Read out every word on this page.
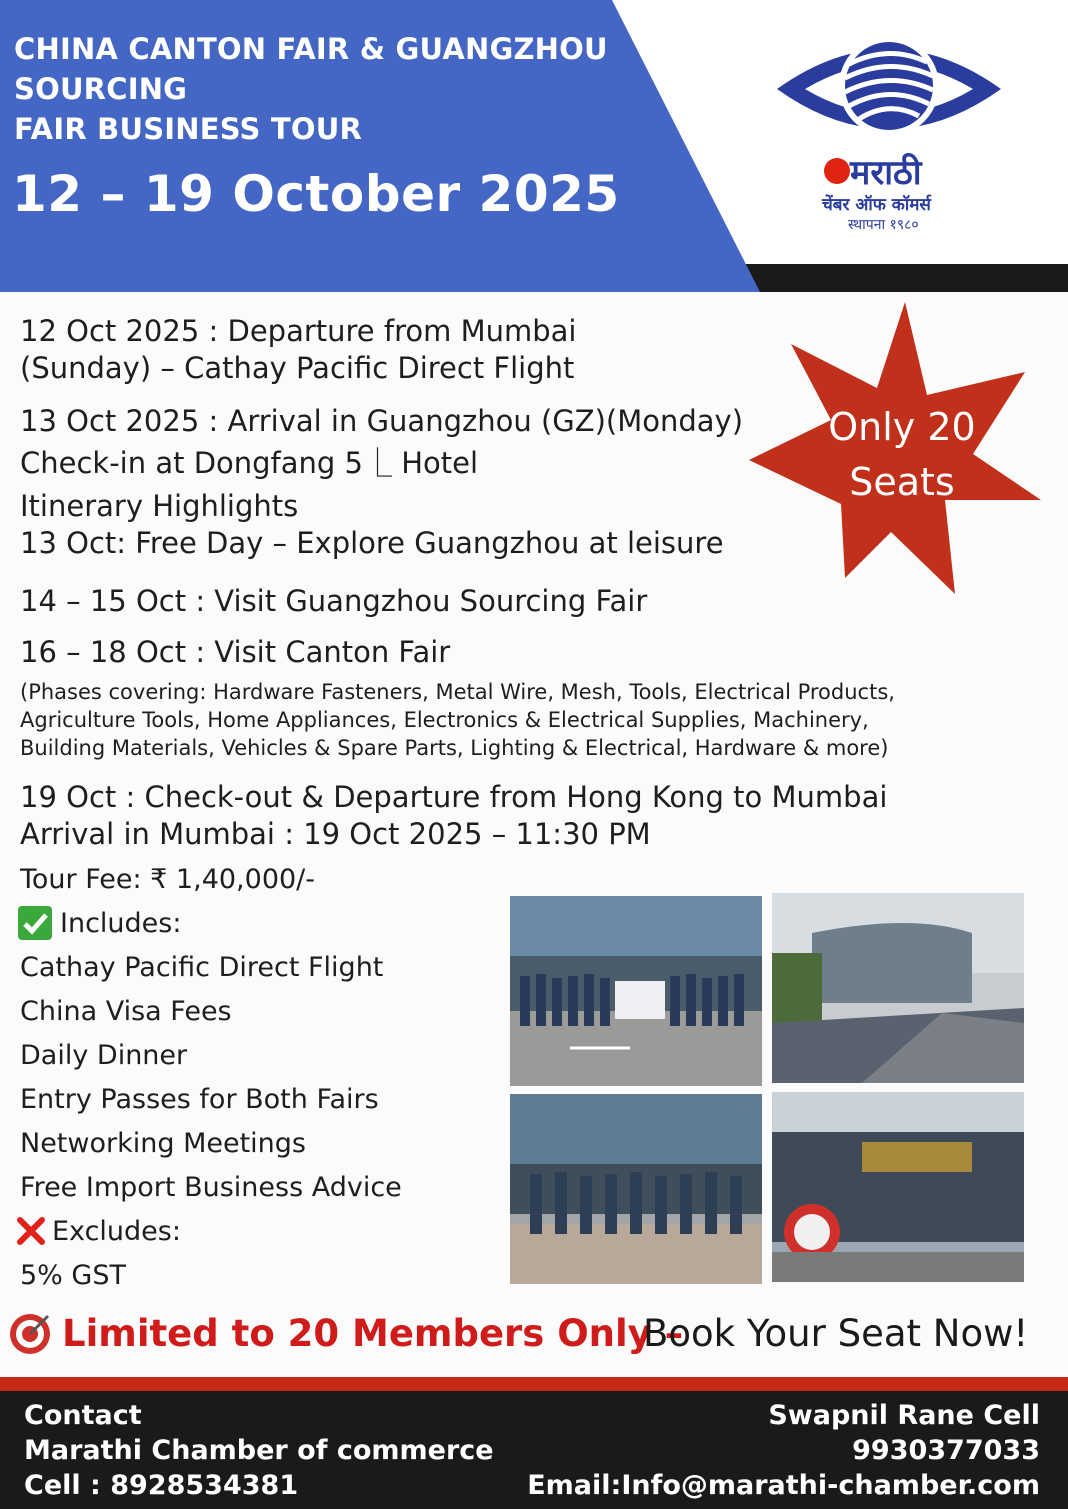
CHINA CANTON FAIR & GUANGZHOU
SOURCING
FAIR BUSINESS TOUR
12 – 19 October 2025	मराठी
चेंबर ऑफ कॉमर्स
स्थापना १९८०
12 Oct 2025 : Departure from Mumbai
(Sunday) – Cathay Pacific Direct Flight
13 Oct 2025 : Arrival in Guangzhou (GZ)(Monday)
Check-in at Dongfang 5⎿ Hotel
Itinerary Highlights
13 Oct: Free Day – Explore Guangzhou at leisure
14 – 15 Oct : Visit Guangzhou Sourcing Fair
16 – 18 Oct : Visit Canton Fair
(Phases covering: Hardware Fasteners, Metal Wire, Mesh, Tools, Electrical Products,
Agriculture Tools, Home Appliances, Electronics & Electrical Supplies, Machinery,
Building Materials, Vehicles & Spare Parts, Lighting & Electrical, Hardware & more)
19 Oct : Check-out & Departure from Hong Kong to Mumbai
Arrival in Mumbai : 19 Oct 2025 – 11:30 PM
Only 20
Seats
Tour Fee: ₹ 1,40,000/-
Includes:
Cathay Pacific Direct Flight
China Visa Fees
Daily Dinner
Entry Passes for Both Fairs
Networking Meetings
Free Import Business Advice
Excludes:
5% GST
Limited to 20 Members Only –
Book Your Seat Now!
Contact
Marathi Chamber of commerce
Cell : 8928534381
Swapnil Rane Cell
9930377033
Email:Info@marathi-chamber.com
